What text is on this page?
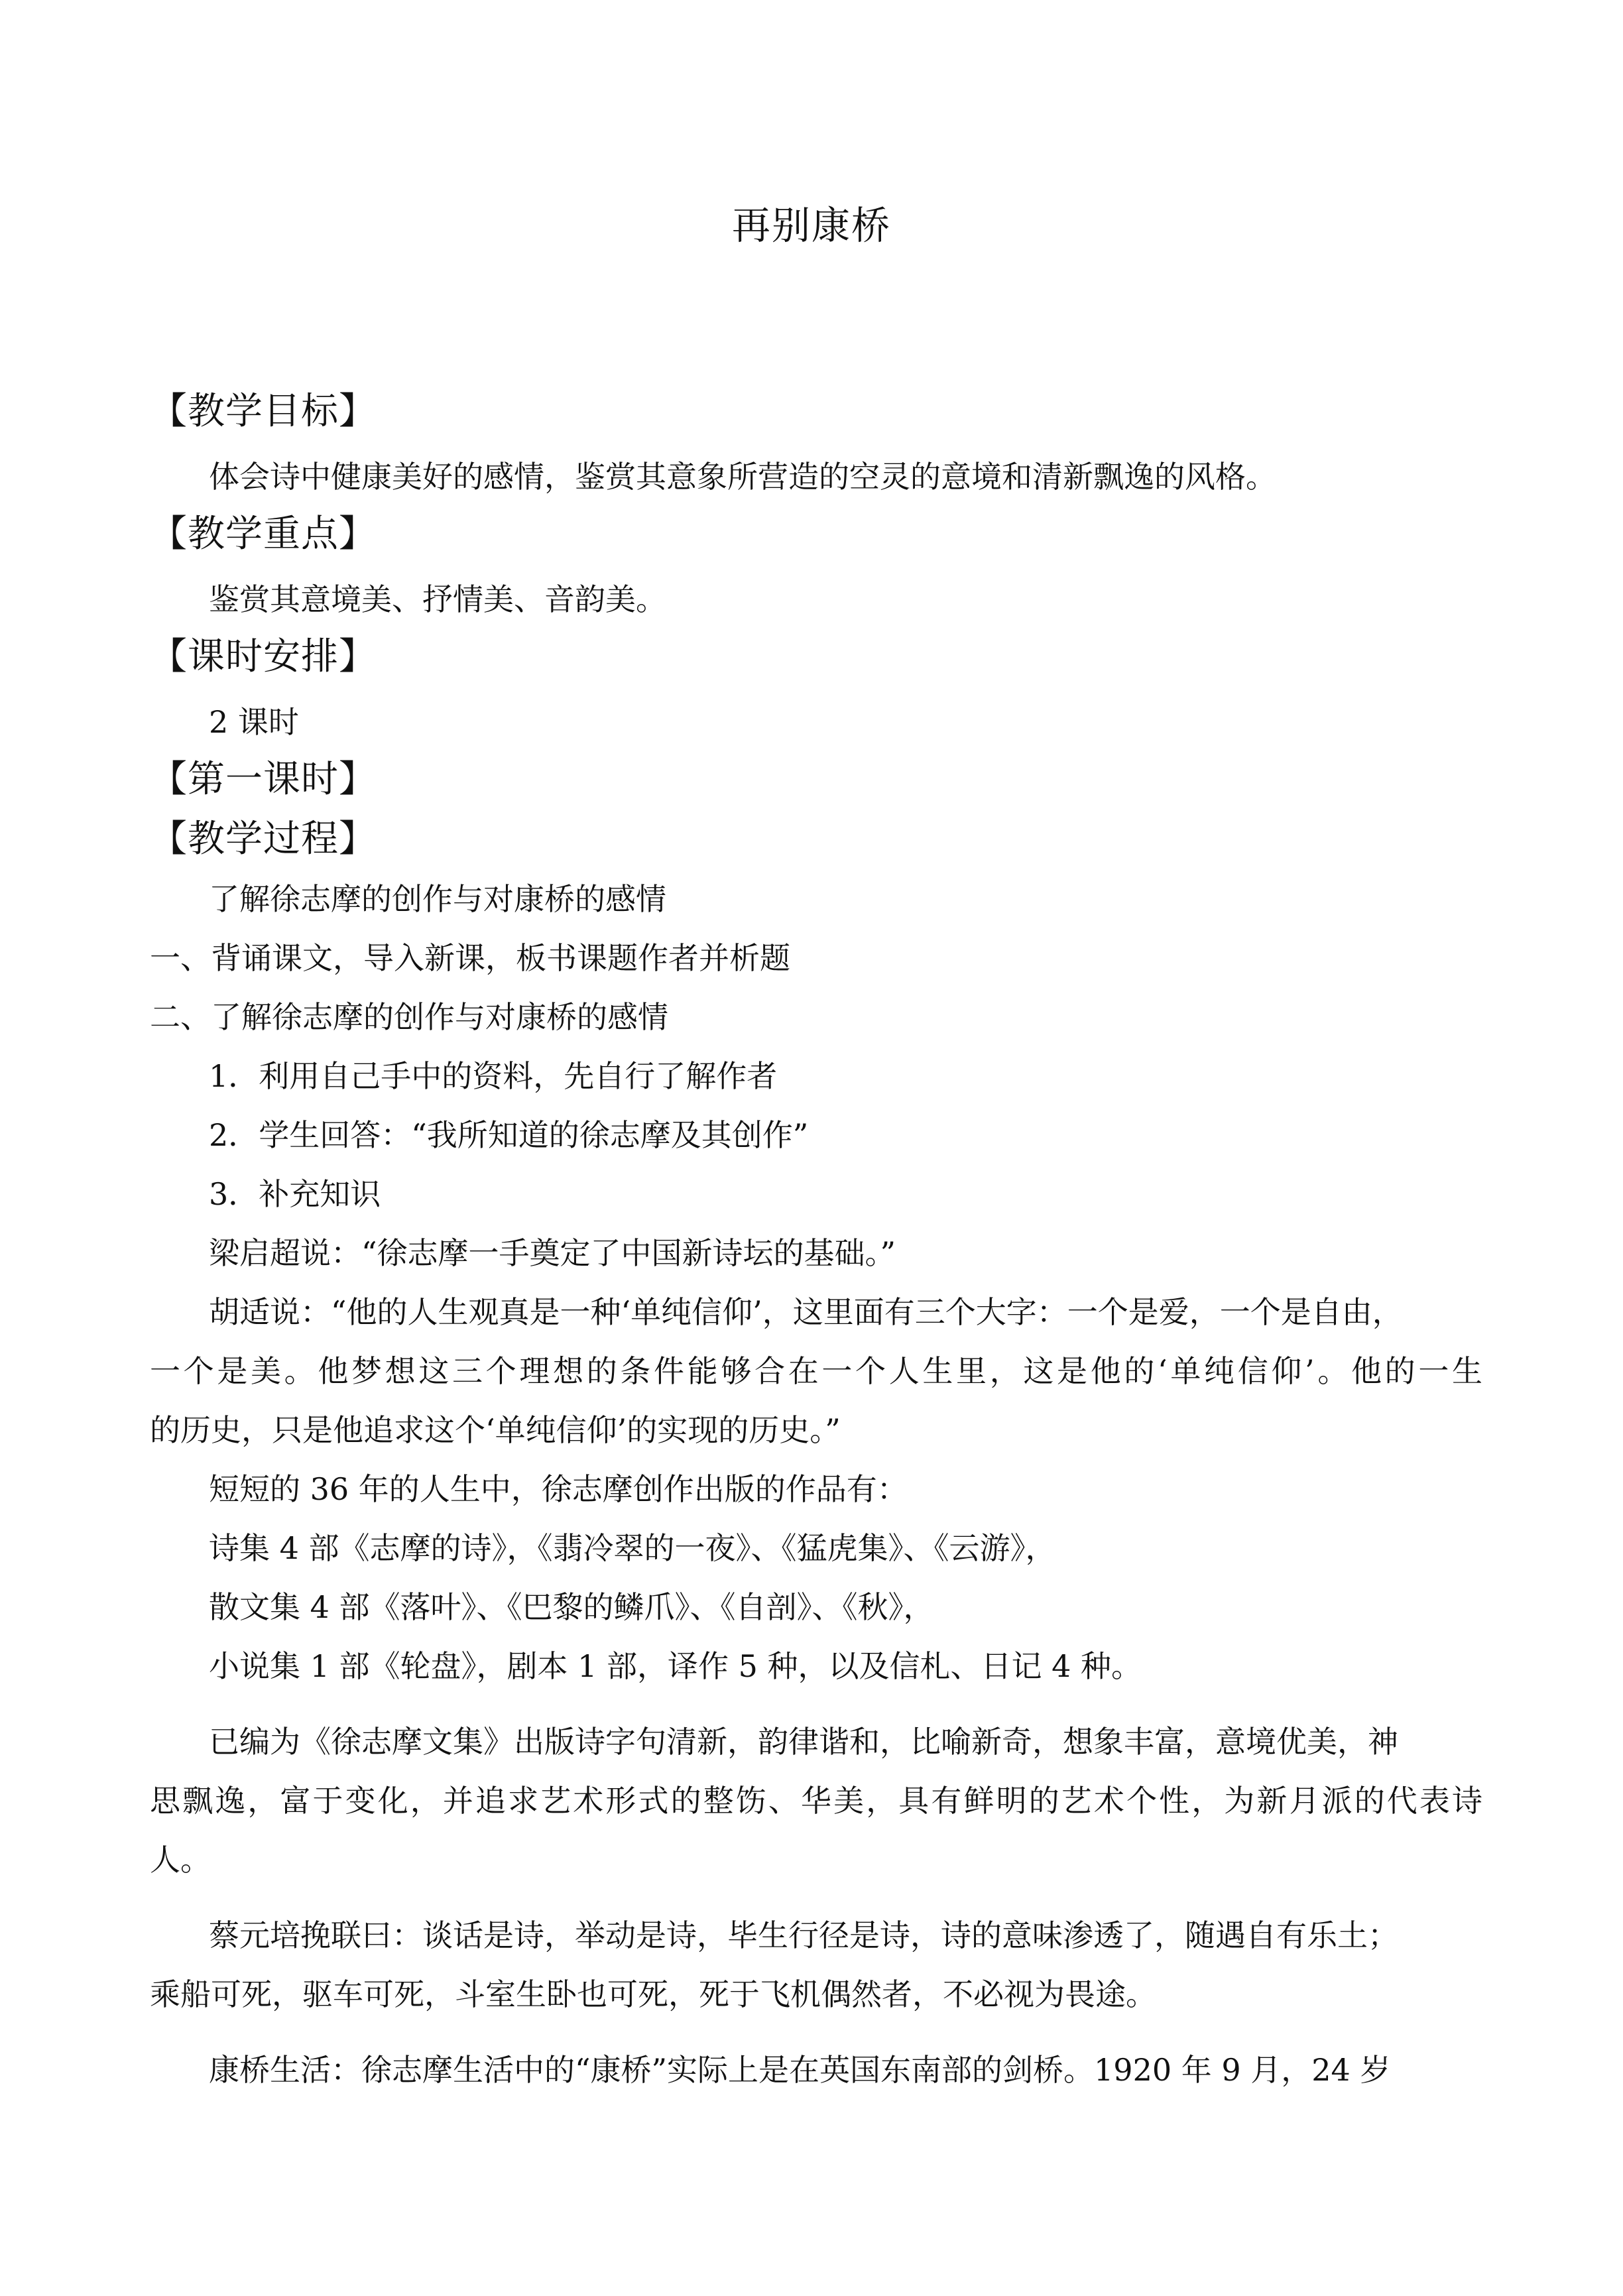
再别康桥
【教学目标】
体会诗中健康美好的感情，鉴赏其意象所营造的空灵的意境和清新飘逸的风格。
【教学重点】
鉴赏其意境美、抒情美、音韵美。
【课时安排】
2 课时
【第一课时】
【教学过程】
了解徐志摩的创作与对康桥的感情
一、背诵课文，导入新课，板书课题作者并析题
二、了解徐志摩的创作与对康桥的感情
1．利用自己手中的资料，先自行了解作者
2．学生回答：“我所知道的徐志摩及其创作”
3．补充知识
梁启超说：“徐志摩一手奠定了中国新诗坛的基础。”
胡适说：“他的人生观真是一种‘单纯信仰’，这里面有三个大字：一个是爱，一个是自由，
一个是美。他梦想这三个理想的条件能够合在一个人生里，这是他的‘单纯信仰’。他的一生
的历史，只是他追求这个‘单纯信仰’的实现的历史。”
短短的 36 年的人生中，徐志摩创作出版的作品有：
诗集 4 部《志摩的诗》，《翡冷翠的一夜》、《猛虎集》、《云游》，
散文集 4 部《落叶》、《巴黎的鳞爪》、《自剖》、《秋》，
小说集 1 部《轮盘》，剧本 1 部，译作 5 种，以及信札、日记 4 种。
已编为《徐志摩文集》出版诗字句清新，韵律谐和，比喻新奇，想象丰富，意境优美，神
思飘逸，富于变化，并追求艺术形式的整饬、华美，具有鲜明的艺术个性，为新月派的代表诗
人。
蔡元培挽联曰：谈话是诗，举动是诗，毕生行径是诗，诗的意味渗透了，随遇自有乐土；
乘船可死，驱车可死，斗室生卧也可死，死于飞机偶然者，不必视为畏途。
康桥生活：徐志摩生活中的“康桥”实际上是在英国东南部的剑桥。1920 年 9 月，24 岁
